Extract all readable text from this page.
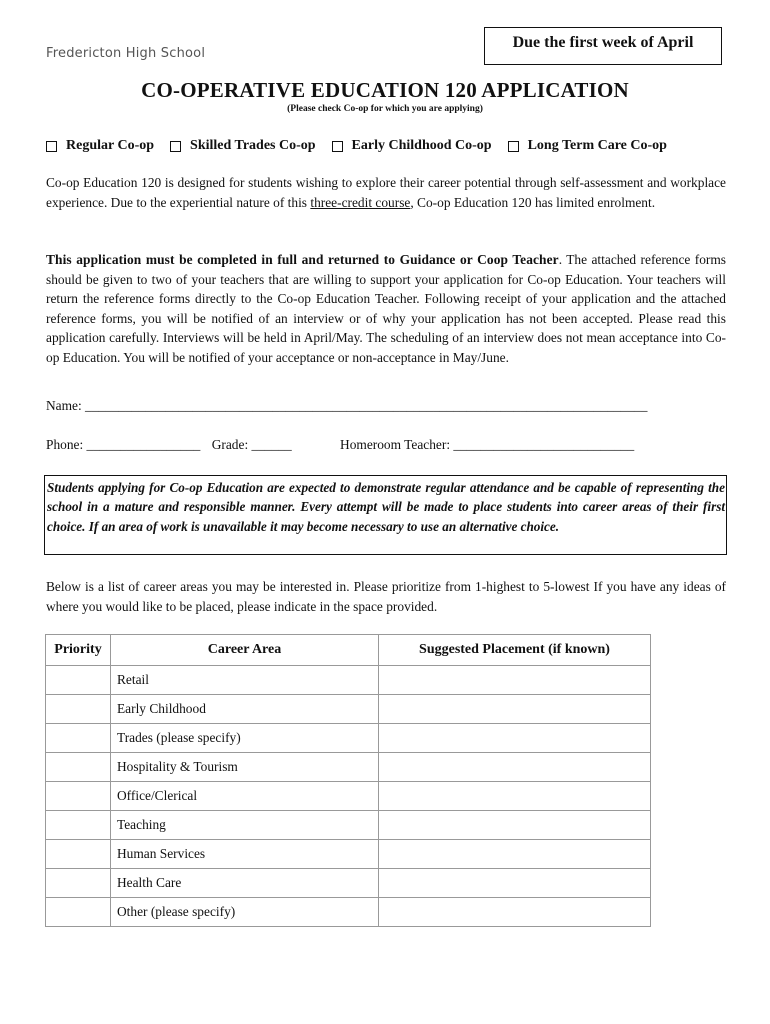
Fredericton High School
Due the first week of April
CO-OPERATIVE EDUCATION 120 APPLICATION
(Please check Co-op for which you are applying)
Regular Co-op	Skilled Trades Co-op	Early Childhood Co-op	Long Term Care Co-op
Co-op Education 120 is designed for students wishing to explore their career potential through self-assessment and workplace experience. Due to the experiential nature of this three-credit course, Co-op Education 120 has limited enrolment.
This application must be completed in full and returned to Guidance or Coop Teacher. The attached reference forms should be given to two of your teachers that are willing to support your application for Co-op Education. Your teachers will return the reference forms directly to the Co-op Education Teacher. Following receipt of your application and the attached reference forms, you will be notified of an interview or of why your application has not been accepted. Please read this application carefully. Interviews will be held in April/May. The scheduling of an interview does not mean acceptance into Co-op Education. You will be notified of your acceptance or non-acceptance in May/June.
Name: ____________________________________________________________________________________
Phone: _________________ Grade: ______	Homeroom Teacher: ___________________________
Students applying for Co-op Education are expected to demonstrate regular attendance and be capable of representing the school in a mature and responsible manner. Every attempt will be made to place students into career areas of their first choice. If an area of work is unavailable it may become necessary to use an alternative choice.
Below is a list of career areas you may be interested in. Please prioritize from 1-highest to 5-lowest If you have any ideas of where you would like to be placed, please indicate in the space provided.
Priority	Career Area	Suggested Placement (if known)
	Retail	
	Early Childhood	
	Trades (please specify)	
	Hospitality & Tourism	
	Office/Clerical	
	Teaching	
	Human Services	
	Health Care	
	Other (please specify)	
